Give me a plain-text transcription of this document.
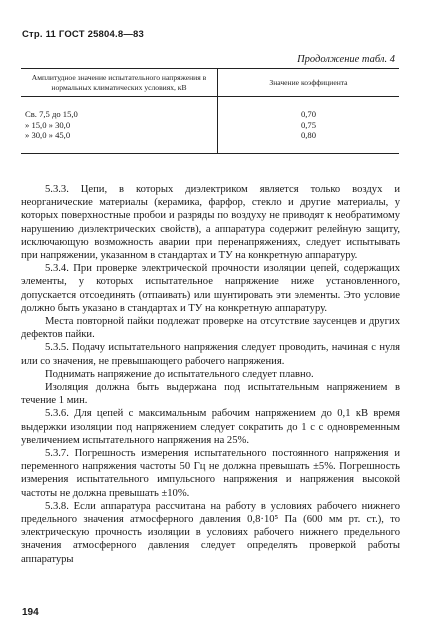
Стр. 11 ГОСТ 25804.8—83
Продолжение табл. 4
Амплитудное значение испытательного напряжения в нормальных климатических условиях, кВ	Значение коэффициента
Св. 7,5 до 15,0	0,70
» 15,0 » 30,0	0,75
» 30,0 » 45,0	0,80

5.3.3. Цепи, в которых диэлектриком является только воздух и неорганические материалы (керамика, фарфор, стекло и другие материалы, у которых поверхностные пробои и разряды по воздуху не приводят к необратимому нарушению диэлектрических свойств), а аппаратура содержит релейную защиту, исключающую возможность аварии при перенапряжениях, следует испытывать при напряжении, указанном в стандартах и ТУ на конкретную аппаратуру.

5.3.4. При проверке электрической прочности изоляции цепей, содержащих элементы, у которых испытательное напряжение ниже установленного, допускается отсоединять (отпаивать) или шунтировать эти элементы. Это условие должно быть указано в стандартах и ТУ на конкретную аппаратуру.

Места повторной пайки подлежат проверке на отсутствие заусенцев и других дефектов пайки.

5.3.5. Подачу испытательного напряжения следует проводить, начиная с нуля или со значения, не превышающего рабочего напряжения.

Поднимать напряжение до испытательного следует плавно.

Изоляция должна быть выдержана под испытательным напряжением в течение 1 мин.

5.3.6. Для цепей с максимальным рабочим напряжением до 0,1 кВ время выдержки изоляции под напряжением следует сократить до 1 с с одновременным увеличением испытательного напряжения на 25%.

5.3.7. Погрешность измерения испытательного постоянного напряжения и переменного напряжения частоты 50 Гц не должна превышать ±5%. Погрешность измерения испытательного импульсного напряжения и напряжения высокой частоты не должна превышать ±10%.

5.3.8. Если аппаратура рассчитана на работу в условиях рабочего нижнего предельного значения атмосферного давления 0,8·10⁵ Па (600 мм рт. ст.), то электрическую прочность изоляции в условиях рабочего нижнего предельного значения атмосферного давления следует определять проверкой работы аппаратуры

194
